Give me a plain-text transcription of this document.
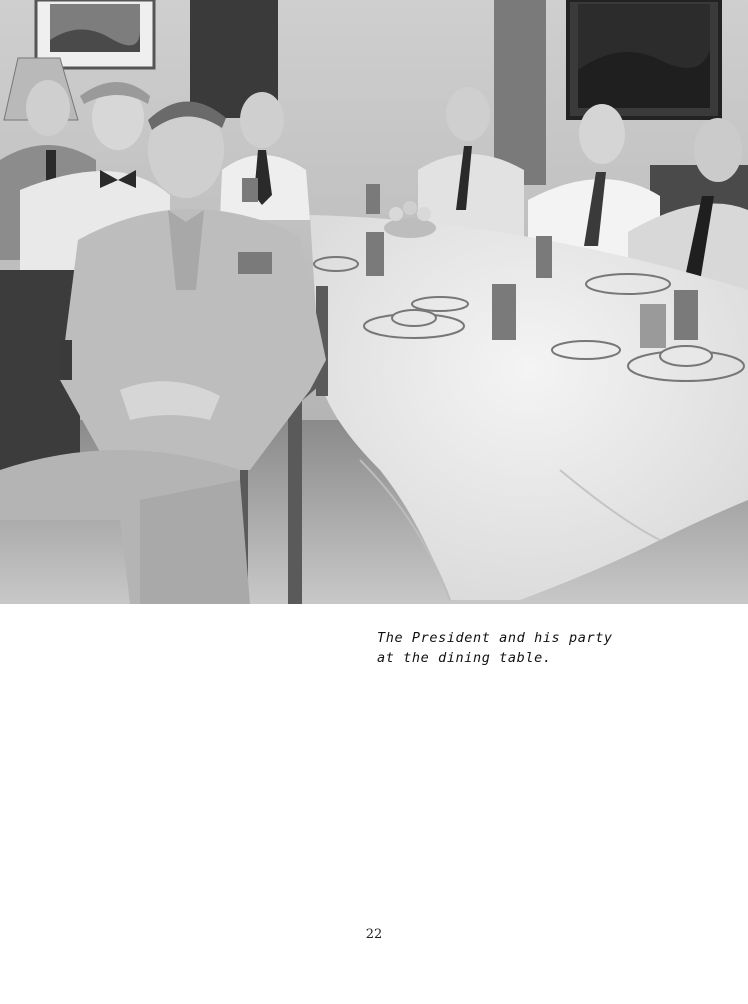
The President and his party
at the dining table.
22
